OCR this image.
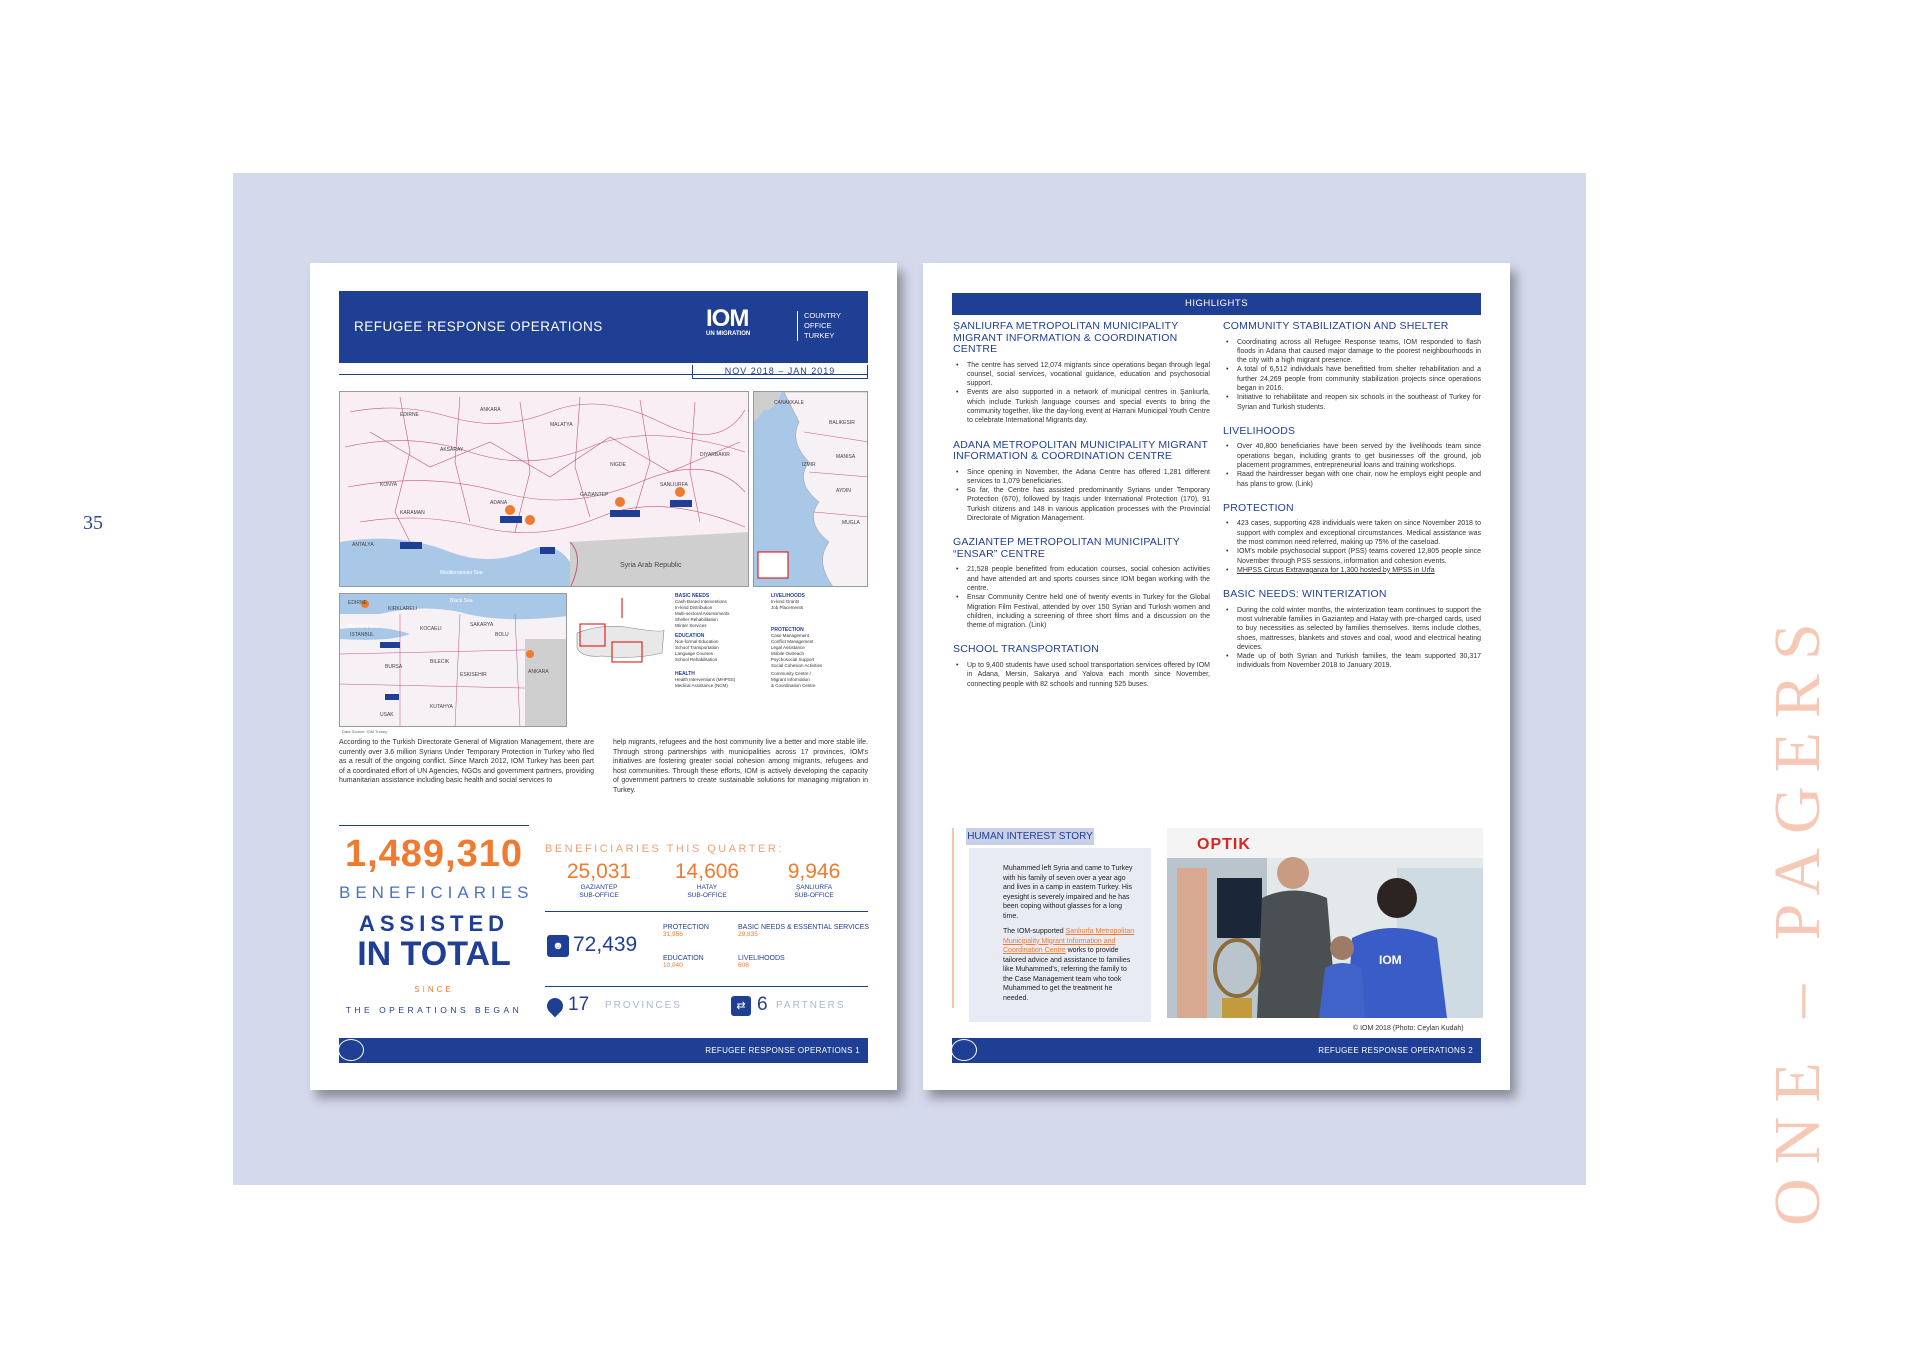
35
ONE – PAGERS
REFUGEE RESPONSE OPERATIONS	IOM
UN MIGRATION
COUNTRY OFFICE
TURKEY
NOV 2018 – JAN 2019
Syria Arab Republic
Mediterranean Sea
EDIRNE
ANKARA
MALATYA
AKSARAY
KONYA
KARAMAN
ADANA
GAZIANTEP
SANLIURFA
NIGDE
DIYARBAKIR
ANTALYA
CANAKKALE
BALIKESIR
IZMIR
MANISA
AYDIN
MUGLA
EDIRNE
KIRKLARELI
ISTANBUL
KOCAELI
SAKARYA
BOLU
BURSA
BILECIK
ESKISEHIR	ANKARA
USAK
KUTAHYA
Black Sea
Marmara Sea
BASIC NEEDS
Cash-Based Interventions
In-kind Distribution
Multi-sectoral Assessments
Shelter Rehabilitation
Winter Services
LIVELIHOODS
In-kind Grants
Job Placements
EDUCATION
Non-formal Education
School Transportation
Language Courses
School Rehabilitation
PROTECTION
Case Management
Conflict Management
Legal Assistance
Mobile Outreach
Psychosocial Support
Social Cohesion Activities
HEALTH
Health Interventions (MHPSS)
Medical Assistance (NCM)
Community Centre /
Migrant Information
& Coordination Centre
Data Source: IOM Turkey
According to the Turkish Directorate General of Migration Management, there are currently over 3.6 million Syrians Under Temporary Protection in Turkey who fled as a result of the ongoing conflict. Since March 2012, IOM Turkey has been part of a coordinated effort of UN Agencies, NGOs and government partners, providing humanitarian assistance including basic health and social services to
help migrants, refugees and the host community live a better and more stable life. Through strong partnerships with municipalities across 17 provinces, IOM's initiatives are fostering greater social cohesion among migrants, refugees and host communities. Through these efforts, IOM is actively developing the capacity of government partners to create sustainable solutions for managing migration in Turkey.
1,489,310
BENEFICIARIES
ASSISTED
IN TOTAL
SINCE
THE OPERATIONS BEGAN
BENEFICIARIES THIS QUARTER:
25,031
GAZIANTEP
SUB-OFFICE
14,606
HATAY
SUB-OFFICE
9,946
ŞANLIURFA
SUB-OFFICE
☻ 72,439
PROTECTION
31,956
BASIC NEEDS & ESSENTIAL SERVICES
29,835
EDUCATION
10,040
LIVELIHOODS
608
17 PROVINCES	⇄ 6 PARTNERS
REFUGEE RESPONSE OPERATIONS 1
HIGHLIGHTS
ŞANLIURFA METROPOLITAN MUNICIPALITY MIGRANT INFORMATION & COORDINATION CENTRE
• The centre has served 12,074 migrants since operations began through legal counsel, social services, vocational guidance, education and psychosocial support.
• Events are also supported in a network of municipal centres in Şanlıurfa, which include Turkish language courses and special events to bring the community together, like the day-long event at Harrani Municipal Youth Centre to celebrate International Migrants day.
ADANA METROPOLITAN MUNICIPALITY MIGRANT INFORMATION & COORDINATION CENTRE
• Since opening in November, the Adana Centre has offered 1,281 different services to 1,079 beneficiaries.
• So far, the Centre has assisted predominantly Syrians under Temporary Protection (670), followed by Iraqis under International Protection (170), 91 Turkish citizens and 148 in various application processes with the Provincial Directorate of Migration Management.
GAZIANTEP METROPOLITAN MUNICIPALITY “ENSAR” CENTRE
• 21,528 people benefitted from education courses, social cohesion activities and have attended art and sports courses since IOM began working with the centre.
• Ensar Community Centre held one of twenty events in Turkey for the Global Migration Film Festival, attended by over 150 Syrian and Turkish women and children, including a screening of three short films and a discussion on the theme of migration. (Link)
SCHOOL TRANSPORTATION
• Up to 9,400 students have used school transportation services offered by IOM in Adana, Mersin, Sakarya and Yalova each month since November, connecting people with 82 schools and running 525 buses.
COMMUNITY STABILIZATION AND SHELTER
• Coordinating across all Refugee Response teams, IOM responded to flash floods in Adana that caused major damage to the poorest neighbourhoods in the city with a high migrant presence.
• A total of 6,512 individuals have benefitted from shelter rehabilitation and a further 24,269 people from community stabilization projects since operations began in 2016.
• Initiative to rehabilitate and reopen six schools in the southeast of Turkey for Syrian and Turkish students.
LIVELIHOODS
• Over 40,800 beneficiaries have been served by the livelihoods team since operations began, including grants to get businesses off the ground, job placement programmes, entrepreneurial loans and training workshops.
• Raad the hairdresser began with one chair, now he employs eight people and has plans to grow. (Link)
PROTECTION
• 423 cases, supporting 428 individuals were taken on since November 2018 to support with complex and exceptional circumstances. Medical assistance was the most common need referred, making up 75% of the caseload.
• IOM's mobile psychosocial support (PSS) teams covered 12,805 people since November through PSS sessions, information and cohesion events.
• MHPSS Circus Extravaganza for 1,300 hosted by MPSS in Urfa
BASIC NEEDS: WINTERIZATION
• During the cold winter months, the winterization team continues to support the most vulnerable families in Gaziantep and Hatay with pre-charged cards, used to buy necessities as selected by families themselves. Items include clothes, shoes, mattresses, blankets and stoves and coal, wood and electrical heating devices.
• Made up of both Syrian and Turkish families, the team supported 30,317 individuals from November 2018 to January 2019.
HUMAN INTEREST STORY

Muhammed left Syria and came to Turkey with his family of seven over a year ago and lives in a camp in eastern Turkey. His eyesight is severely impaired and he has been coping without glasses for a long time.

The IOM-supported Şanlıurfa Metropolitan Municipality Migrant Information and Coordination Centre works to provide tailored advice and assistance to families like Muhammed's, referring the family to the Case Management team who took Muhammed to get the treatment he needed.

OPTIK
IOM
© IOM 2018 (Photo: Ceylan Kudah)
REFUGEE RESPONSE OPERATIONS 2
